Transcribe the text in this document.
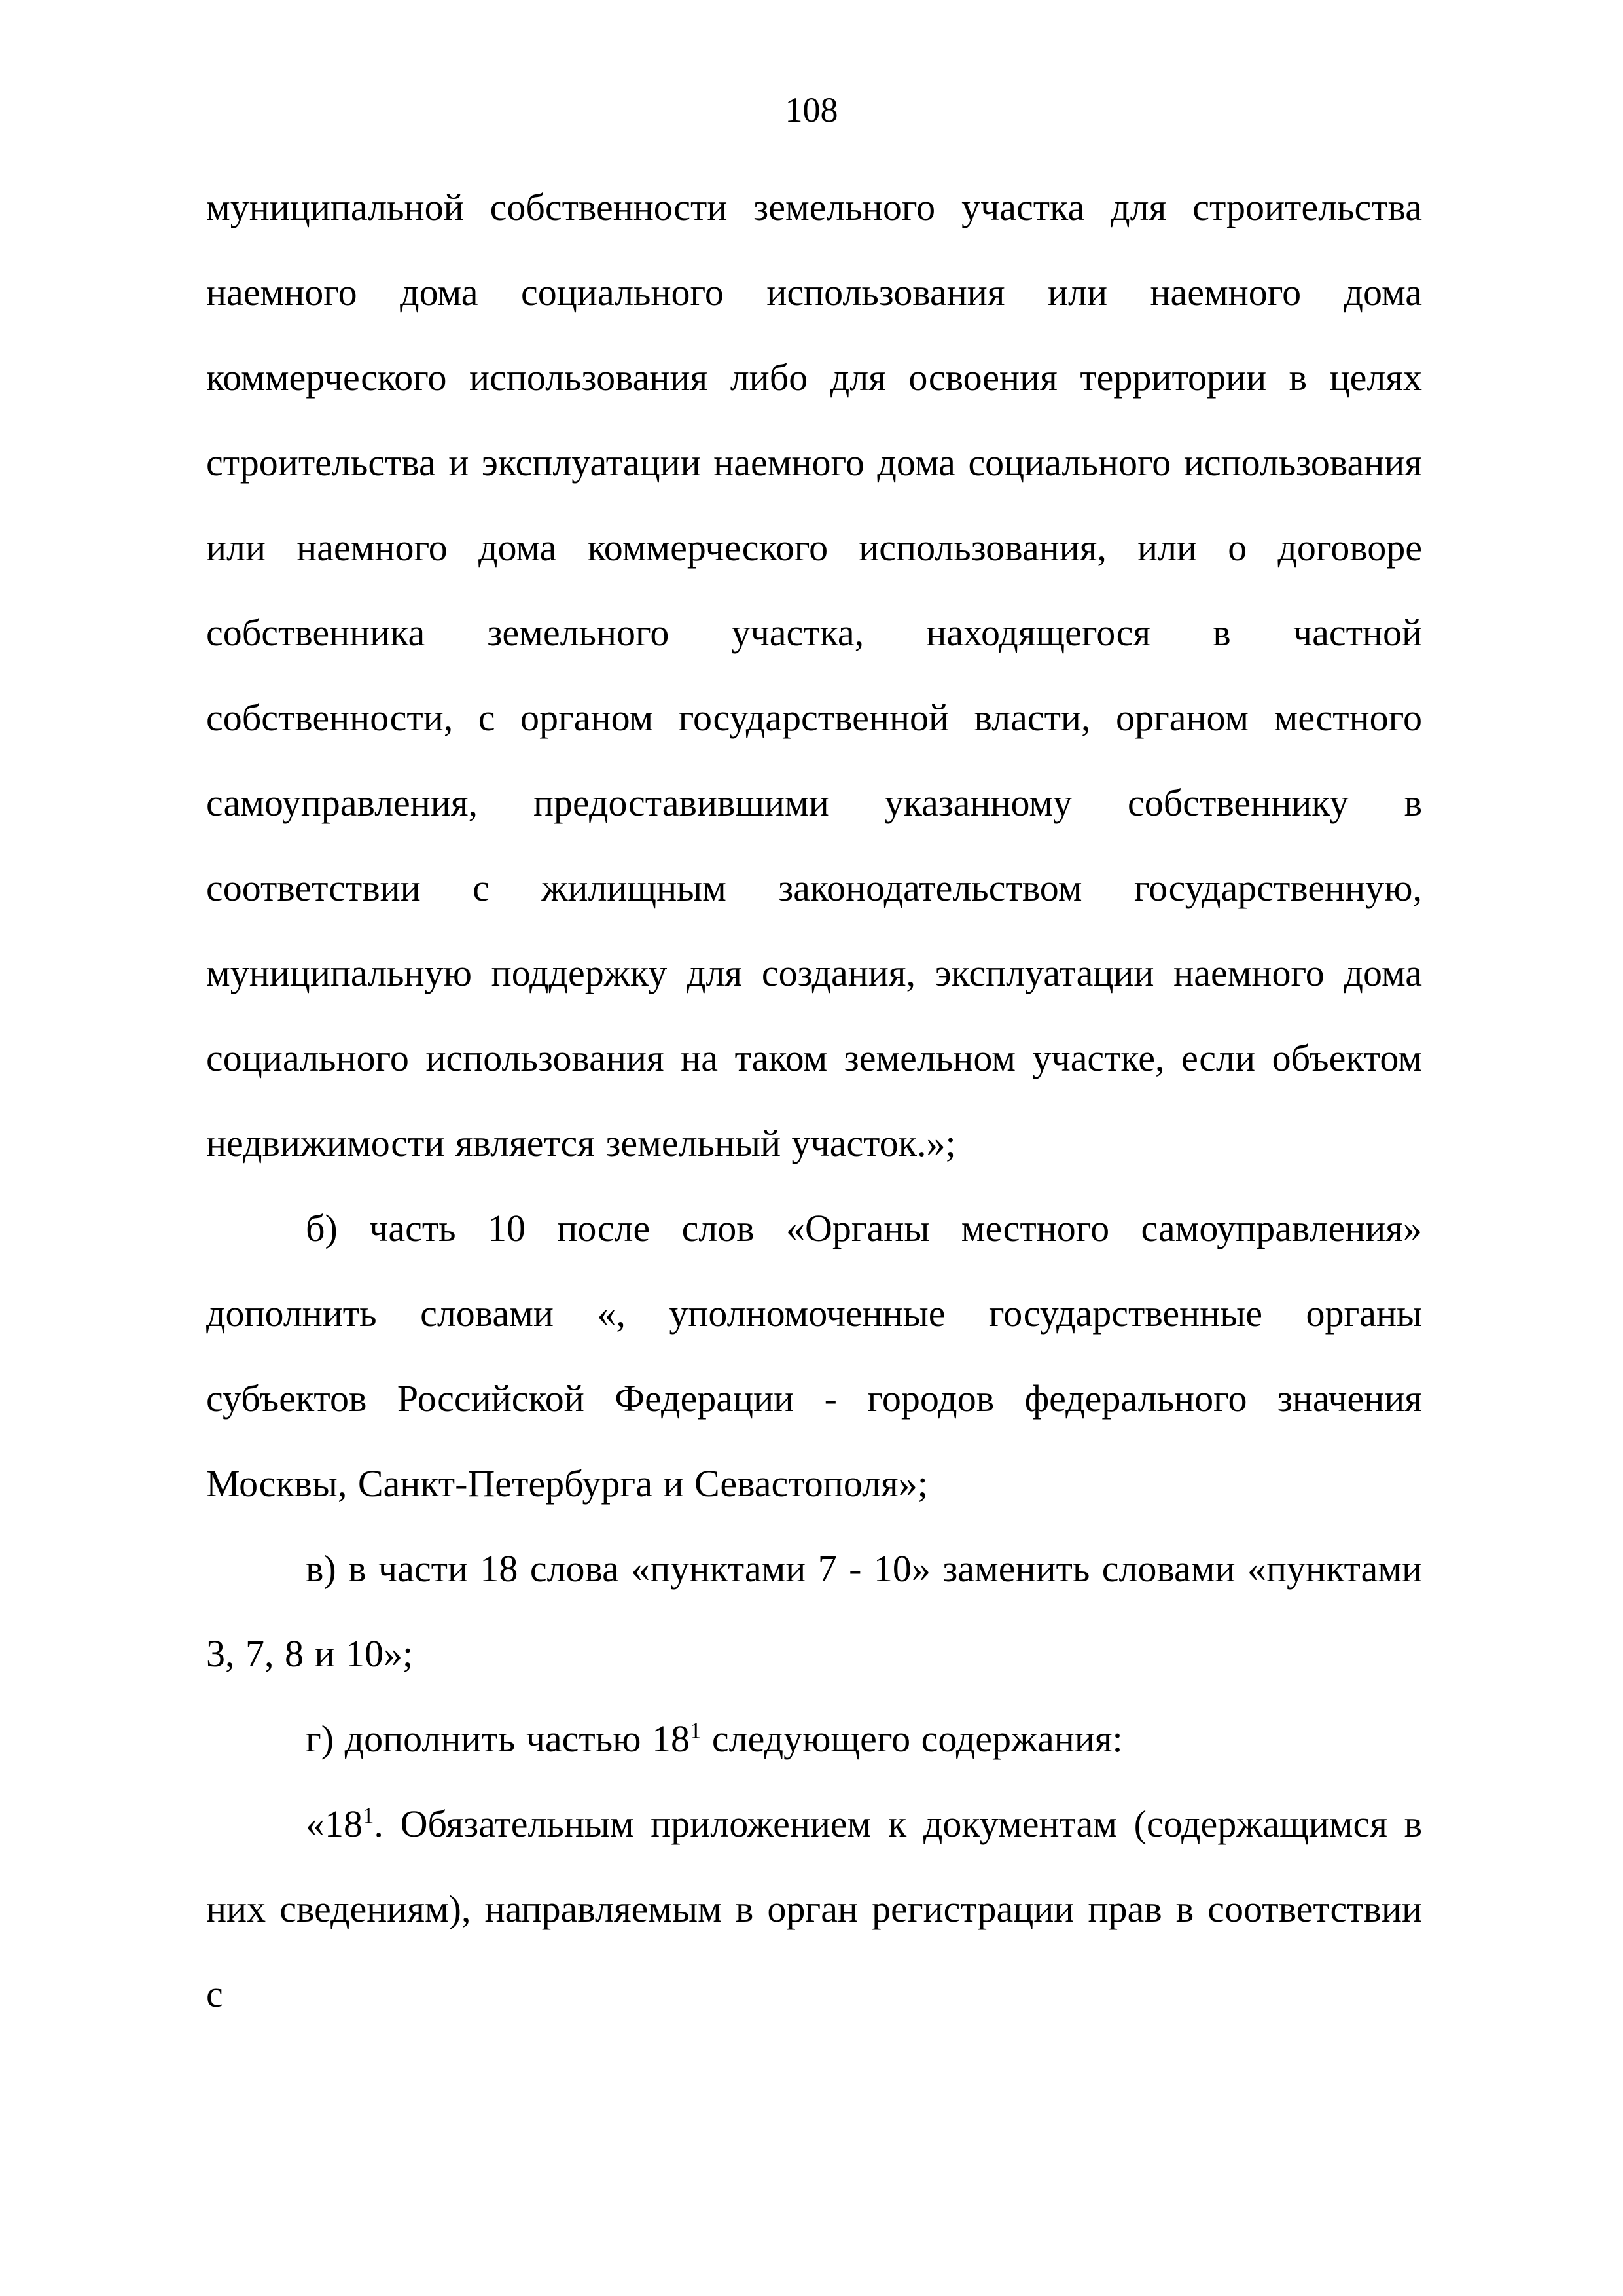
108

муниципальной собственности земельного участка для строительства наемного дома социального использования или наемного дома коммерческого использования либо для освоения территории в целях строительства и эксплуатации наемного дома социального использования или наемного дома коммерческого использования, или о договоре собственника земельного участка, находящегося в частной собственности, с органом государственной власти, органом местного самоуправления, предоставившими указанному собственнику в соответствии с жилищным законодательством государственную, муниципальную поддержку для создания, эксплуатации наемного дома социального использования на таком земельном участке, если объектом недвижимости является земельный участок.»;

б) часть 10 после слов «Органы местного самоуправления» дополнить словами «, уполномоченные государственные органы субъектов Российской Федерации - городов федерального значения Москвы, Санкт-Петербурга и Севастополя»;

в) в части 18 слова «пунктами 7 - 10» заменить словами «пунктами 3, 7, 8 и 10»;

г) дополнить частью $18^1$ следующего содержания:

«$18^1$. Обязательным приложением к документам (содержащимся в них сведениям), направляемым в орган регистрации прав в соответствии с
